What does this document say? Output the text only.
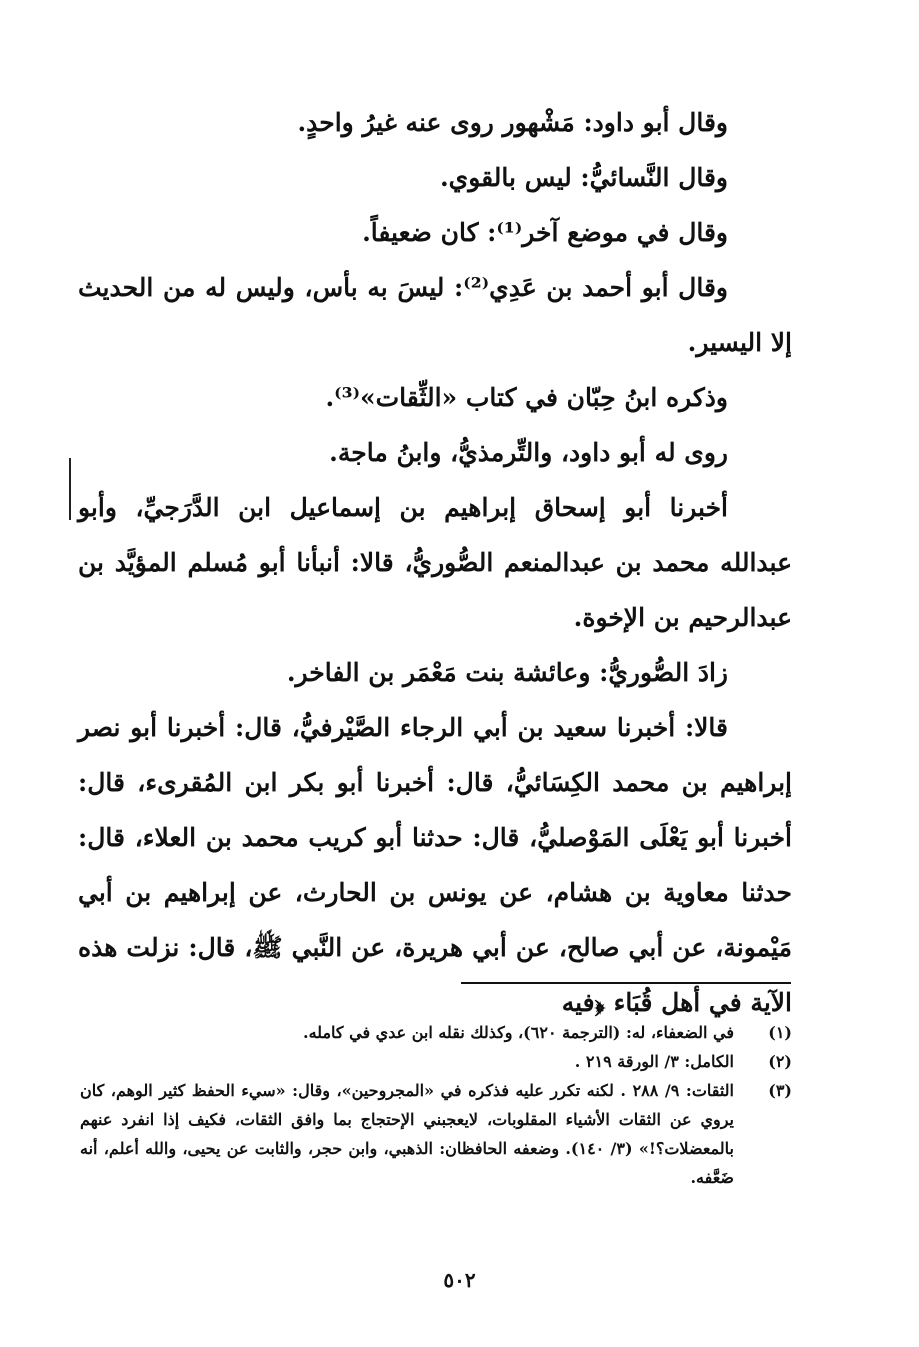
وقال أبو داود: مَشْهور روى عنه غيرُ واحدٍ.

وقال النَّسائيُّ: ليس بالقوي.

وقال في موضع آخر⁽¹⁾: كان ضعيفاً.

وقال أبو أحمد بن عَدِي⁽²⁾: ليسَ به بأس، وليس له من الحديث إلا اليسير.

وذكره ابنُ حِبّان في كتاب «الثِّقات»⁽³⁾.

روى له أبو داود، والتِّرمذيُّ، وابنُ ماجة.

أخبرنا أبو إسحاق إبراهيم بن إسماعيل ابن الدَّرَجيِّ، وأبو عبدالله محمد بن عبدالمنعم الصُّوريُّ، قالا: أنبأنا أبو مُسلم المؤيَّد بن عبدالرحيم بن الإخوة.

زادَ الصُّوريُّ: وعائشة بنت مَعْمَر بن الفاخر.

قالا: أخبرنا سعيد بن أبي الرجاء الصَّيْرفيُّ، قال: أخبرنا أبو نصر إبراهيم بن محمد الكِسَائيُّ، قال: أخبرنا أبو بكر ابن المُقرىء، قال: أخبرنا أبو يَعْلَى المَوْصليُّ، قال: حدثنا أبو كريب محمد بن العلاء، قال: حدثنا معاوية بن هشام، عن يونس بن الحارث، عن إبراهيم بن أبي مَيْمونة، عن أبي صالح، عن أبي هريرة، عن النَّبي ﷺ، قال: نزلت هذه الآية في أهل قُبَاء ﴿فيه

(١)
في الضعفاء، له: (الترجمة ٦٢٠)، وكذلك نقله ابن عدي في كامله.
(٢)
الكامل: ٣/ الورقة ٢١٩ .
(٣)
الثقات: ٩/ ٢٨٨ . لكنه تكرر عليه فذكره في «المجروحين»، وقال: «سيء الحفظ كثير الوهم، كان يروي عن الثقات الأشياء المقلوبات، لايعجبني الإحتجاج بما وافق الثقات، فكيف إذا انفرد عنهم بالمعضلات؟!» (٣/ ١٤٠). وضعفه الحافظان: الذهبي، وابن حجر، والثابت عن يحيى، والله أعلم، أنه ضَعَّفه.
٥٠٢
